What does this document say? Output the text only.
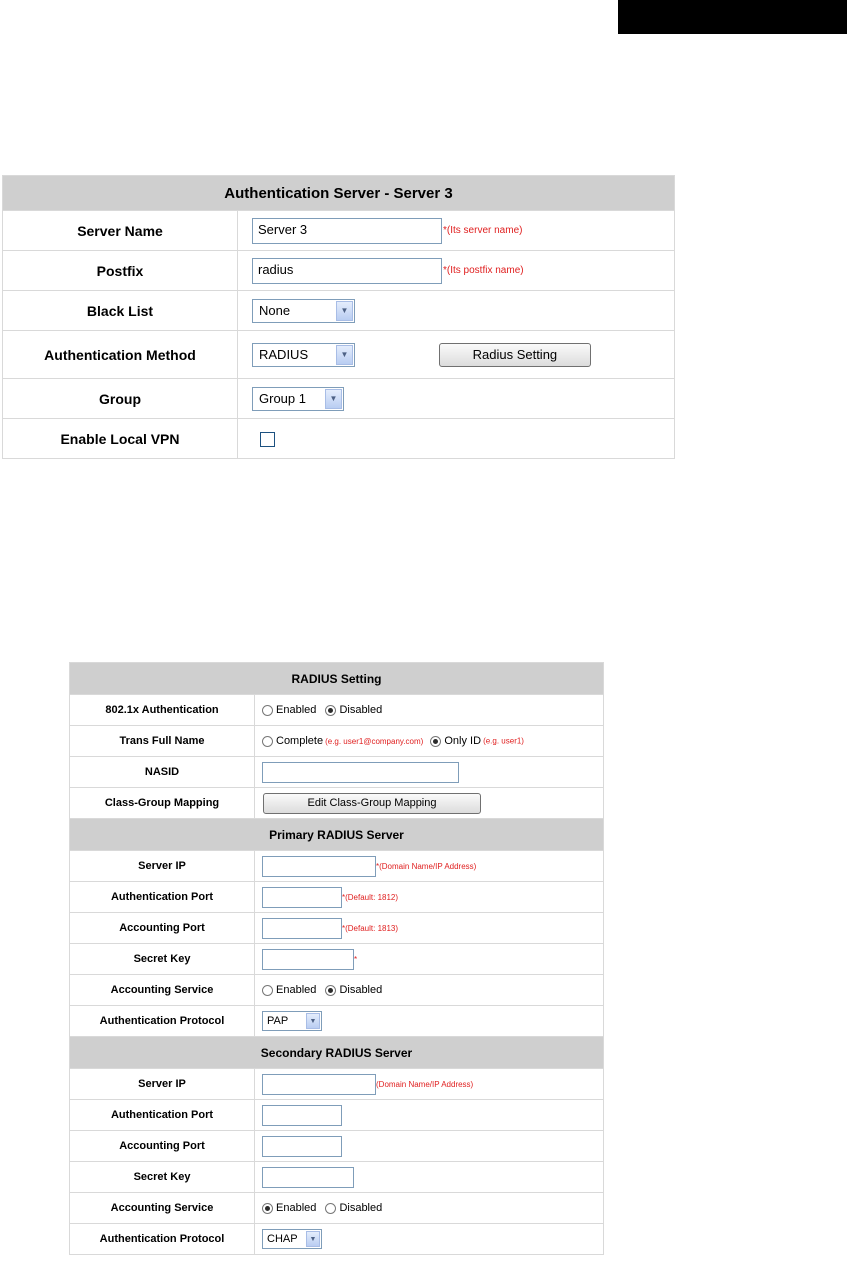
Authentication Server - Server 3	
Server Name	Server 3 *(Its server name)
Postfix	radius *(Its postfix name)
Black List	None ▼

Authentication Method	RADIUS ▼ Radius Setting
Group	Group 1 ▼

Enable Local VPN	
RADIUS Setting	
802.1x Authentication	Enabled Disabled
Trans Full Name	Complete (e.g. user1@company.com) Only ID (e.g. user1)
NASID	
Class-Group Mapping	Edit Class-Group Mapping
Primary RADIUS Server	
Server IP	*(Domain Name/IP Address)
Authentication Port	*(Default: 1812)
Accounting Port	*(Default: 1813)
Secret Key	*
Accounting Service	Enabled Disabled
Authentication Protocol	PAP ▼

Secondary RADIUS Server	
Server IP	(Domain Name/IP Address)
Authentication Port	
Accounting Port	
Secret Key	
Accounting Service	Enabled Disabled
Authentication Protocol	CHAP ▼
